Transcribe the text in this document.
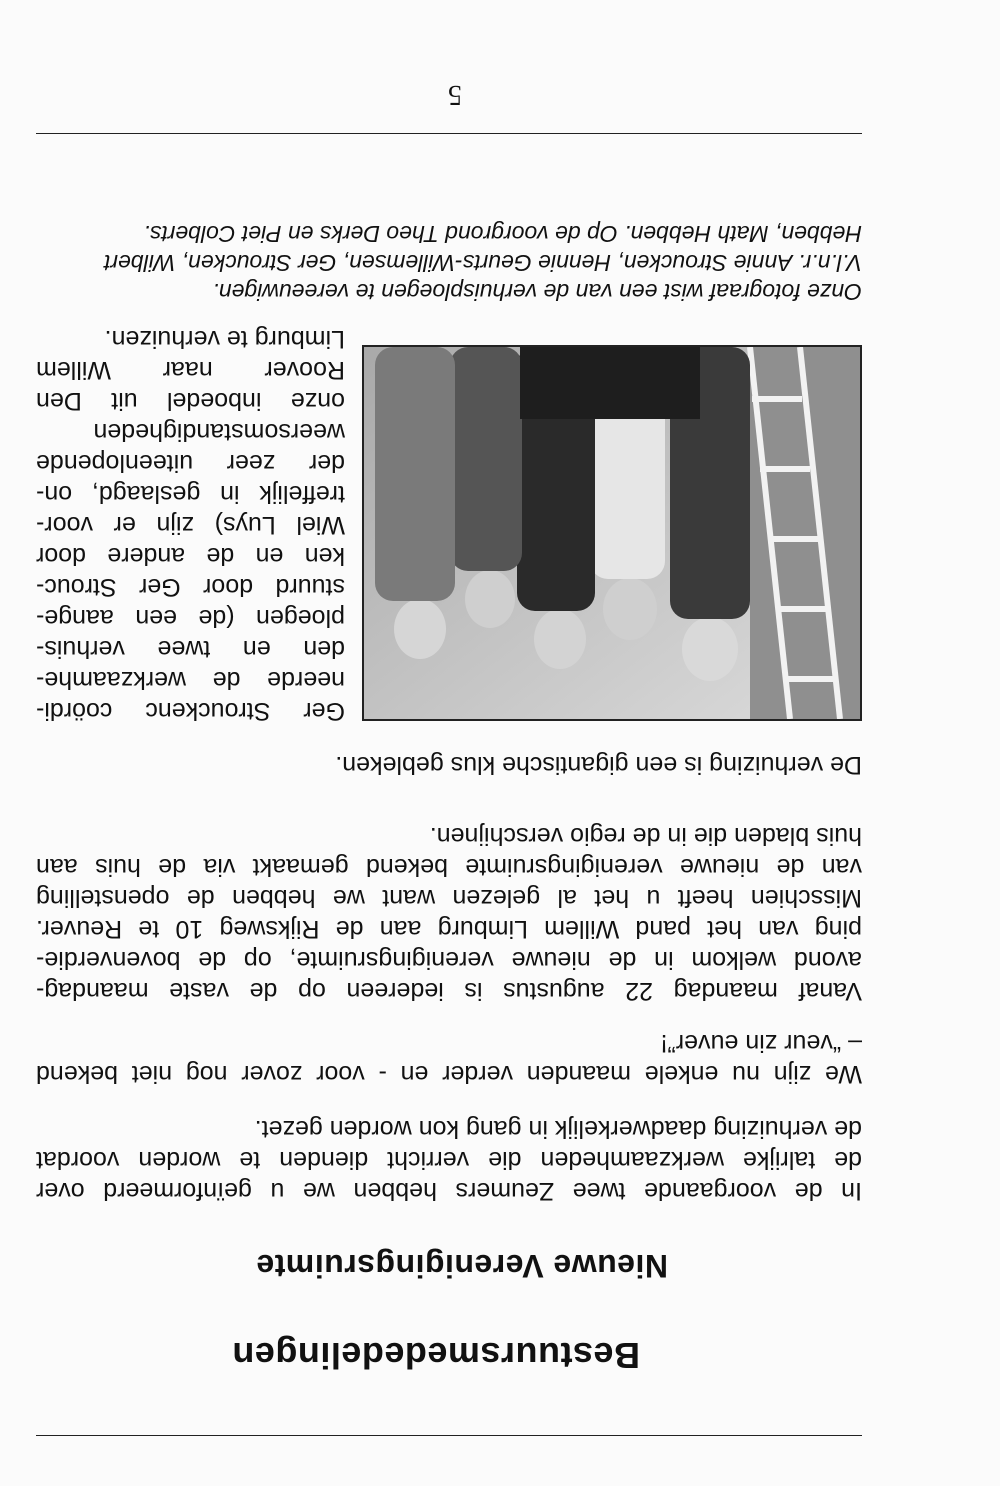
Bestuursmededelingen
Nieuwe Verenigingsruimte
In de voorgaande twee Zeumers hebben we u geïnformeerd over
de talrijke werkzaamheden die verricht dienden te worden voordat
de verhuizing daadwerkelijk in gang kon worden gezet.
We zijn nu enkele maanden verder en - voor zover nog niet bekend
– “veur zin euver”!
Vanaf maandag 22 augustus is iedereen op de vaste maandag-
avond welkom in de nieuwe verenigingsruimte, op de bovenverdie-
ping van het pand Willem Limburg aan de Rijksweg 10 te Reuver.
Misschien heeft u het al gelezen want we hebben de openstelling
van de nieuwe verenigingsruimte bekend gemaakt via de huis aan
huis bladen die in de regio verschijnen.
De verhuizing is een gigantische klus gebleken.
Ger Strouckenc coördi-
neerde de werkzaamhe-
den en twee verhuis-
ploegen (de een aange-
stuurd door Ger Strouc-
ken en de andere door
Wiel Luys) zijn er voor-
treffelijk in geslaagd, on-
der zeer uiteenlopende
weersomstandigheden
onze inboedel uit Den
Roover naar Willem
Limburg te verhuizen.
Onze fotograaf wist een van de verhuisploegen te vereeuwigen.
V.l.n.r. Annie Stroucken, Hennie Geurts-Willemsen, Ger Stroucken, Wilbert
Hebben, Math Hebben. Op de voorgrond Theo Derks en Piet Colberts.
5
